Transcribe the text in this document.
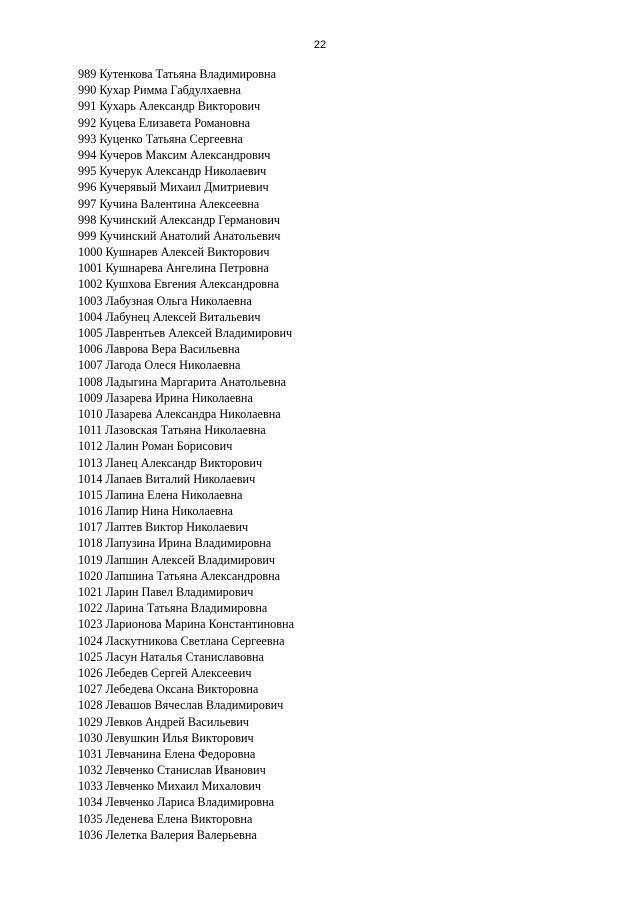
22
989 Кутенкова Татьяна Владимировна
990 Кухар Римма Габдулхаевна
991 Кухарь Александр Викторович
992 Куцева Елизавета Романовна
993 Куценко Татьяна Сергеевна
994 Кучеров Максим Александрович
995 Кучерук Александр Николаевич
996 Кучерявый Михаил Дмитриевич
997 Кучина Валентина Алексеевна
998 Кучинский Александр Германович
999 Кучинский Анатолий Анатольевич
1000 Кушнарев Алексей Викторович
1001 Кушнарева Ангелина Петровна
1002 Кушхова Евгения Александровна
1003 Лабузная Ольга Николаевна
1004 Лабунец Алексей Витальевич
1005 Лаврентьев Алексей Владимирович
1006 Лаврова Вера Васильевна
1007 Лагода Олеся Николаевна
1008 Ладыгина Маргарита Анатольевна
1009 Лазарева Ирина Николаевна
1010 Лазарева Александра Николаевна
1011 Лазовская Татьяна Николаевна
1012 Лалин Роман Борисович
1013 Ланец Александр Викторович
1014 Лапаев Виталий Николаевич
1015 Лапина Елена Николаевна
1016 Лапир Нина Николаевна
1017 Лаптев Виктор Николаевич
1018 Лапузина Ирина Владимировна
1019 Лапшин Алексей Владимирович
1020 Лапшина Татьяна Александровна
1021 Ларин Павел Владимирович
1022 Ларина Татьяна Владимировна
1023 Ларионова Марина Константиновна
1024 Ласкутникова Светлана Сергеевна
1025 Ласун Наталья Станиславовна
1026 Лебедев Сергей Алексеевич
1027 Лебедева Оксана Викторовна
1028 Левашов Вячеслав Владимирович
1029 Левков Андрей Васильевич
1030 Левушкин Илья Викторович
1031 Левчанина Елена Федоровна
1032 Левченко Станислав Иванович
1033 Левченко Михаил Михалович
1034 Левченко Лариса Владимировна
1035 Леденева Елена Викторовна
1036 Лелетка Валерия Валерьевна
